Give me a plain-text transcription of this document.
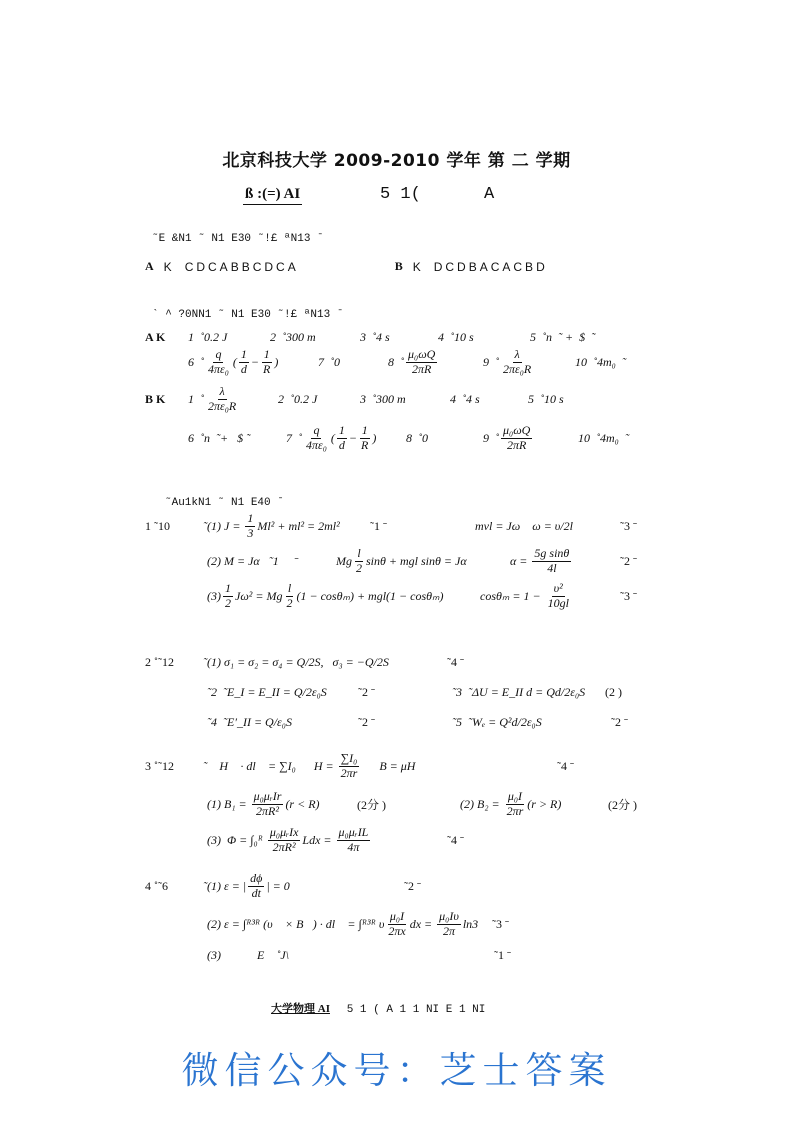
北京科技大学 2009-2010 学年 第 二 学期
ß :(=) AI	5 1(	A
˜E &N1 ˜ N1 E30 ˜!£ ªN13 ˉ
A K CDCABBCDCA	B K DCDBACACBD
` ^ ?0NN1 ˜ N1 E30 ˜!£ ªN13 ˉ
A K	1  ˚0.2 J	2  ˚300 m	3  ˚4 s	4  ˚10 s	5  ˚n  ˜ +  $  ˜
6  ˚ $\frac{q}{\text{4πε₀}}$ ( $\frac{1}{d} - \frac{1}{R}$ )	7  ˚0	8  ˚ $\frac{\text{μ₀ωQ}}{2\pi R}$	9  ˚ $\frac{\lambda}{\text{2πε₀R}}$	10  ˚4m₀  ˜
B K	1  ˚ $\frac{\lambda}{\text{2πε₀R}}$	2  ˚0.2 J	3  ˚300 m	4  ˚4 s	5  ˚10 s
6  ˚n  ˜+   $ ˜	7  ˚ $\frac{q}{\text{4πε₀}}$ ( $\frac{1}{d} - \frac{1}{R}$ ) 8  ˚0	9  ˚ $\frac{\text{μ₀ωQ}}{2\pi R}$	10  ˚4m₀  ˜
˜Au1kN1 ˜ N1 E40 ˉ
1 ˜10	˜(1) $J = \frac{1}{3} Ml^2 + ml^2 = 2ml^2$	˜1 ˉ	mvl = Jω    ω = υ/2l	˜3 ˉ
(2) M = Jα   ˜1     ˉ	Mg $\frac{l}{2}$ sinθ + mgl sinθ = Jα	$\alpha = \frac{\text{5g sinθ}}{4l}$	˜2 ˉ
$(3) \frac{1}{2} J\omega^2 = Mg \frac{l}{2} (1 - \cos\theta_m) + mgl(1 - \cos\theta_m)$	$\cos\theta_m = 1 - \frac{\text{υ²}}{10gl}$	˜3 ˉ
2 ˚˜12	˜(1) σ₁ = σ₂ = σ₄ = Q/2S,   σ₃ = −Q/2S	˜4 ˉ
˜2  ˜E_I = E_II = Q/2ε₀S	˜2 ˉ	˜3  ˜ΔU = E_II d = Qd/2ε₀S (2 )
˜4  ˜E′_II = Q/ε₀S	˜2 ˉ	˜5  ˜Wₑ = Q²d/2ε₀S	˜2 ˉ
3 ˚˜12	˜∮ H⃗ · dl⃗ = ∑I₀      $H = \frac{\text{∑I₀}}{2\pi r}$ B = μH	˜4 ˉ
(1) $B_1 = \frac{\text{μ₀μᵣIr}}{\text{2πR²}} (r < R)$	(2分 )	(2) $B_2 = \frac{\text{μ₀I}}{2\pi r} (r > R)$	(2分 )
(3)  Φ = ∫₀ᴿ $\frac{\text{μ₀μᵣIx}}{\text{2πR²}}$ Ldx = $\frac{\text{μ₀μᵣIL}}{4\pi}$	˜4 ˉ
4 ˚˜6	˜(1) ε = | $\frac{d\phi}{dt}$ | = 0	˜2 ˉ
(2) ε = ∫ᴿ³ᴿ (υ⃗ × B⃗) · dl⃗ = ∫ᴿ³ᴿ υ $\frac{\text{μ₀I}}{2\pi x}$ dx = $\frac{\text{μ₀Iυ}}{2\pi} \ln 3$ ˜3 ˉ
(3)            E    ˚J\	˜1 ˉ
大学物理 AI 5 1 ( A 1 1 NI E 1 NI
微信公众号：芝士答案
